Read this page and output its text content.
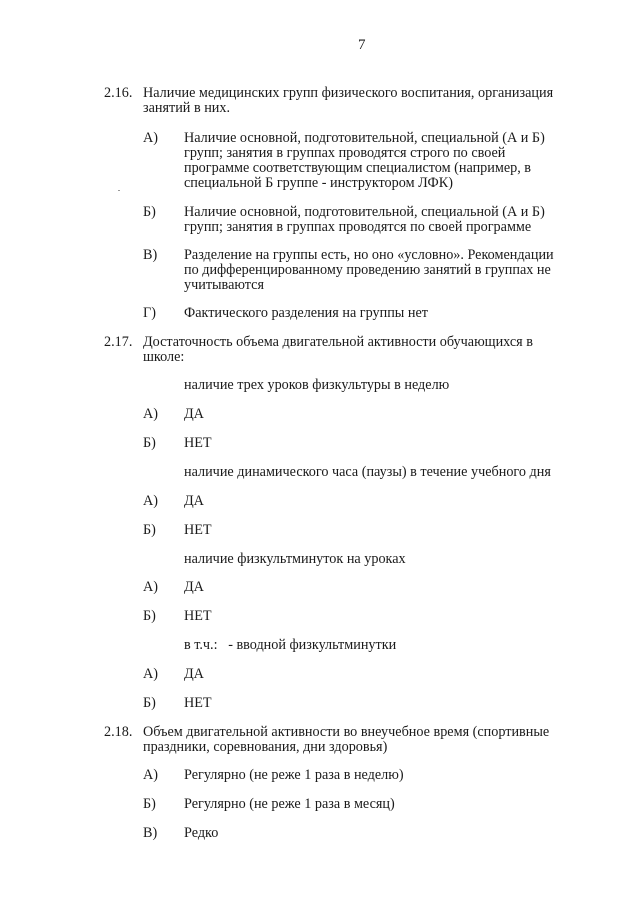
7
2.16. Наличие медицинских групп физического воспитания, организация
занятий в них.
А) Наличие основной, подготовительной, специальной (А и Б)
групп; занятия в группах проводятся строго по своей
программе соответствующим специалистом (например, в
специальной Б группе - инструктором ЛФК)
Б) Наличие основной, подготовительной, специальной (А и Б)
групп; занятия в группах проводятся по своей программе
В) Разделение на группы есть, но оно «условно». Рекомендации
по дифференцированному проведению занятий в группах не
учитываются
Г) Фактического разделения на группы нет
2.17. Достаточность объема двигательной активности обучающихся в
школе:
наличие трех уроков физкультуры в неделю
А) ДА
Б) НЕТ
наличие динамического часа (паузы) в течение учебного дня
А) ДА
Б) НЕТ
наличие физкультминуток на уроках
А) ДА
Б) НЕТ
в т.ч.:   - вводной физкультминутки
А) ДА
Б) НЕТ
2.18. Объем двигательной активности во внеучебное время (спортивные
праздники, соревнования, дни здоровья)
А) Регулярно (не реже 1 раза в неделю)
Б) Регулярно (не реже 1 раза в месяц)
В) Редко
